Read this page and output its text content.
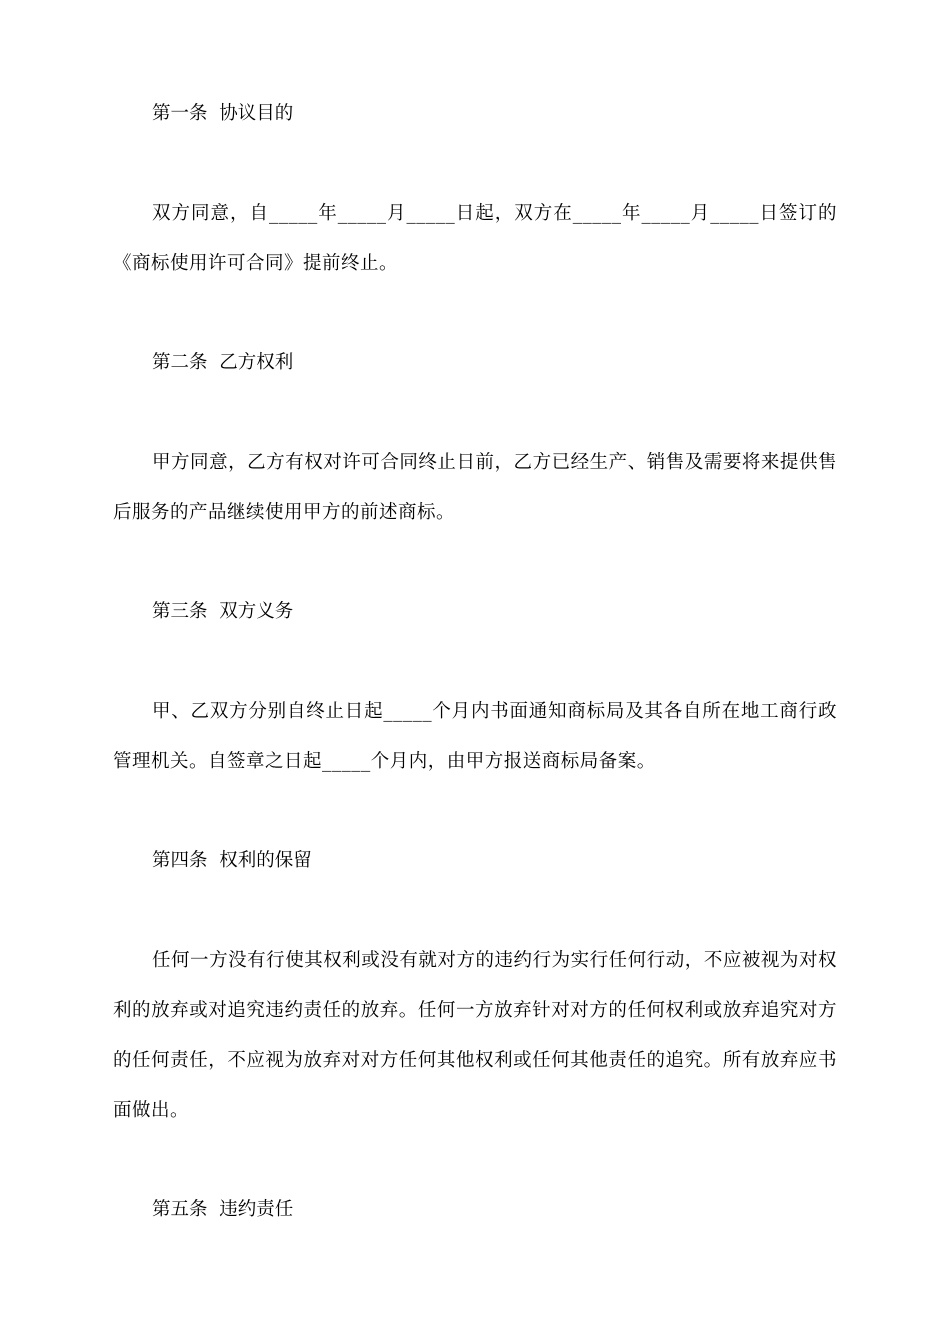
第一条  协议目的
双方同意，自_____年_____月_____日起，双方在_____年_____月_____日签订的《商标使用许可合同》提前终止。
第二条  乙方权利
甲方同意，乙方有权对许可合同终止日前，乙方已经生产、销售及需要将来提供售后服务的产品继续使用甲方的前述商标。
第三条  双方义务
甲、乙双方分别自终止日起_____个月内书面通知商标局及其各自所在地工商行政管理机关。自签章之日起_____个月内，由甲方报送商标局备案。
第四条  权利的保留
任何一方没有行使其权利或没有就对方的违约行为实行任何行动，不应被视为对权利的放弃或对追究违约责任的放弃。任何一方放弃针对对方的任何权利或放弃追究对方的任何责任，不应视为放弃对对方任何其他权利或任何其他责任的追究。所有放弃应书面做出。
第五条  违约责任
